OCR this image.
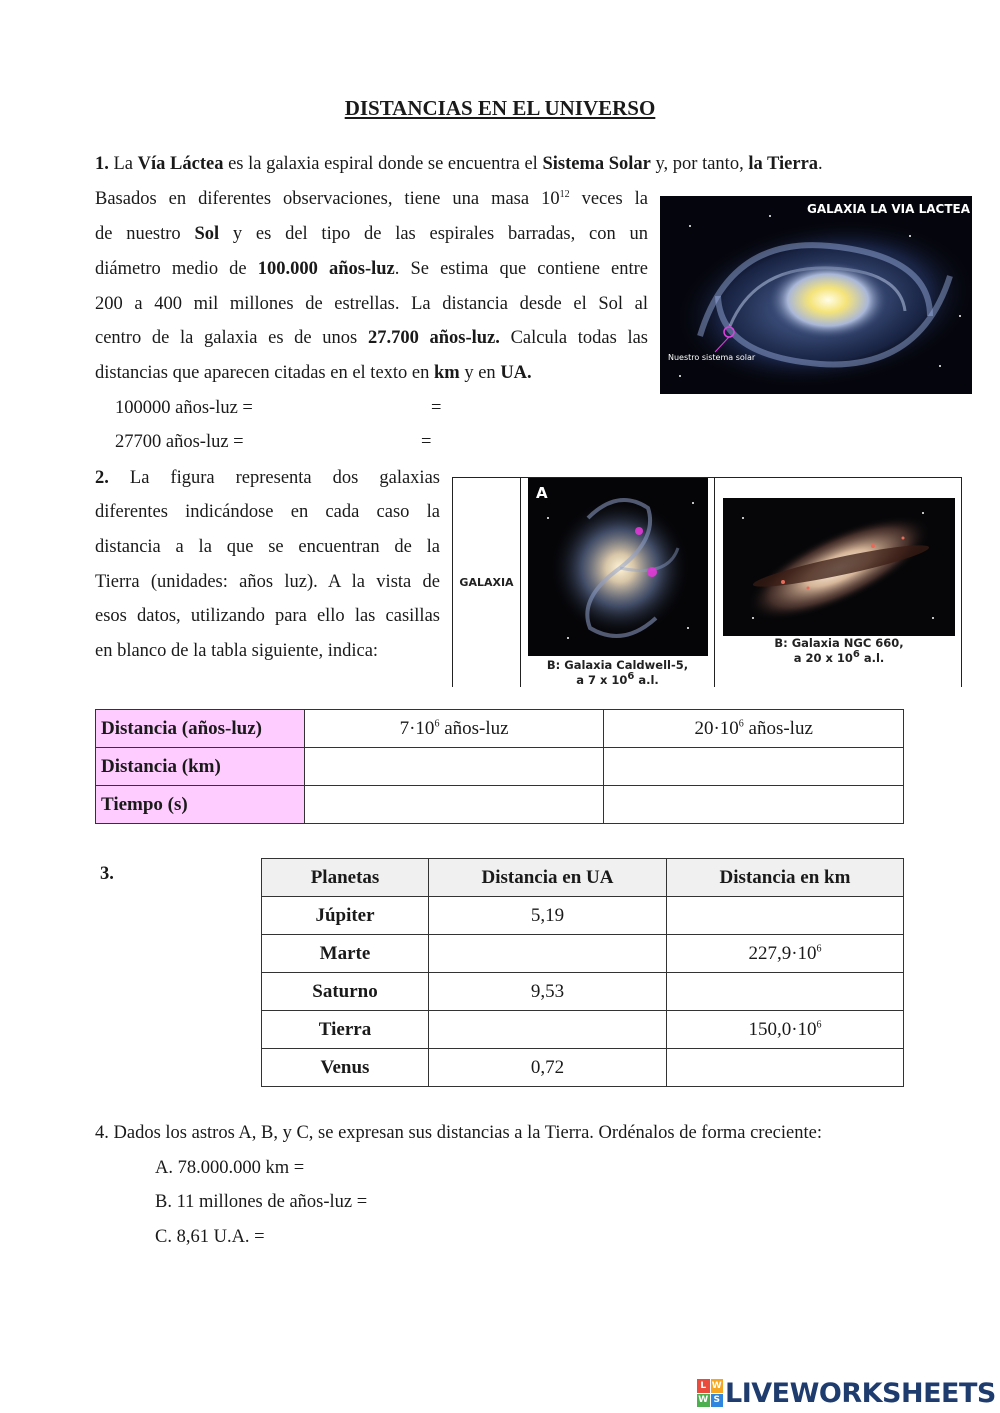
DISTANCIAS EN EL UNIVERSO
1. La Vía Láctea es la galaxia espiral donde se encuentra el Sistema Solar y, por tanto, la Tierra.
Basados en diferentes observaciones, tiene una masa $10^{12}$ veces la
de nuestro Sol y es del tipo de las espirales barradas, con un
diámetro medio de 100.000 años-luz. Se estima que contiene entre
200 a 400 mil millones de estrellas. La distancia desde el Sol al
centro de la galaxia es de unos 27.700 años-luz. Calcula todas las
distancias que aparecen citadas en el texto en km y en UA.
100000 años-luz =	=
27700 años-luz =	=
GALAXIA LA VIA LACTEA
Nuestro sistema solar
2. La figura representa dos galaxias
diferentes indicándose en cada caso la
distancia a la que se encuentran de la
Tierra (unidades: años luz). A la vista de
esos datos, utilizando para ello las casillas
en blanco de la tabla siguiente, indica:
GALAXIA
A
B: Galaxia Caldwell-5,
a 7 x $10^6$ a.l.
B: Galaxia NGC 660,
a 20 x $10^6$ a.l.
Distancia (años-luz)	$7\cdot 10^6$ años-luz	$20\cdot 10^6$ años-luz
Distancia (km)		
Tiempo (s)		
3.	Planetas	Distancia en UA	Distancia en km
Júpiter	5,19	
Marte		$227,9\cdot 10^6$
Saturno	9,53	
Tierra		$150,0\cdot 10^6$
Venus	0,72	
4. Dados los astros A, B, y C, se expresan sus distancias a la Tierra. Ordénalos de forma creciente:
A. 78.000.000 km =
B. 11 millones de años-luz =
C. 8,61 U.A. =
L W
W S LIVEWORKSHEETS
